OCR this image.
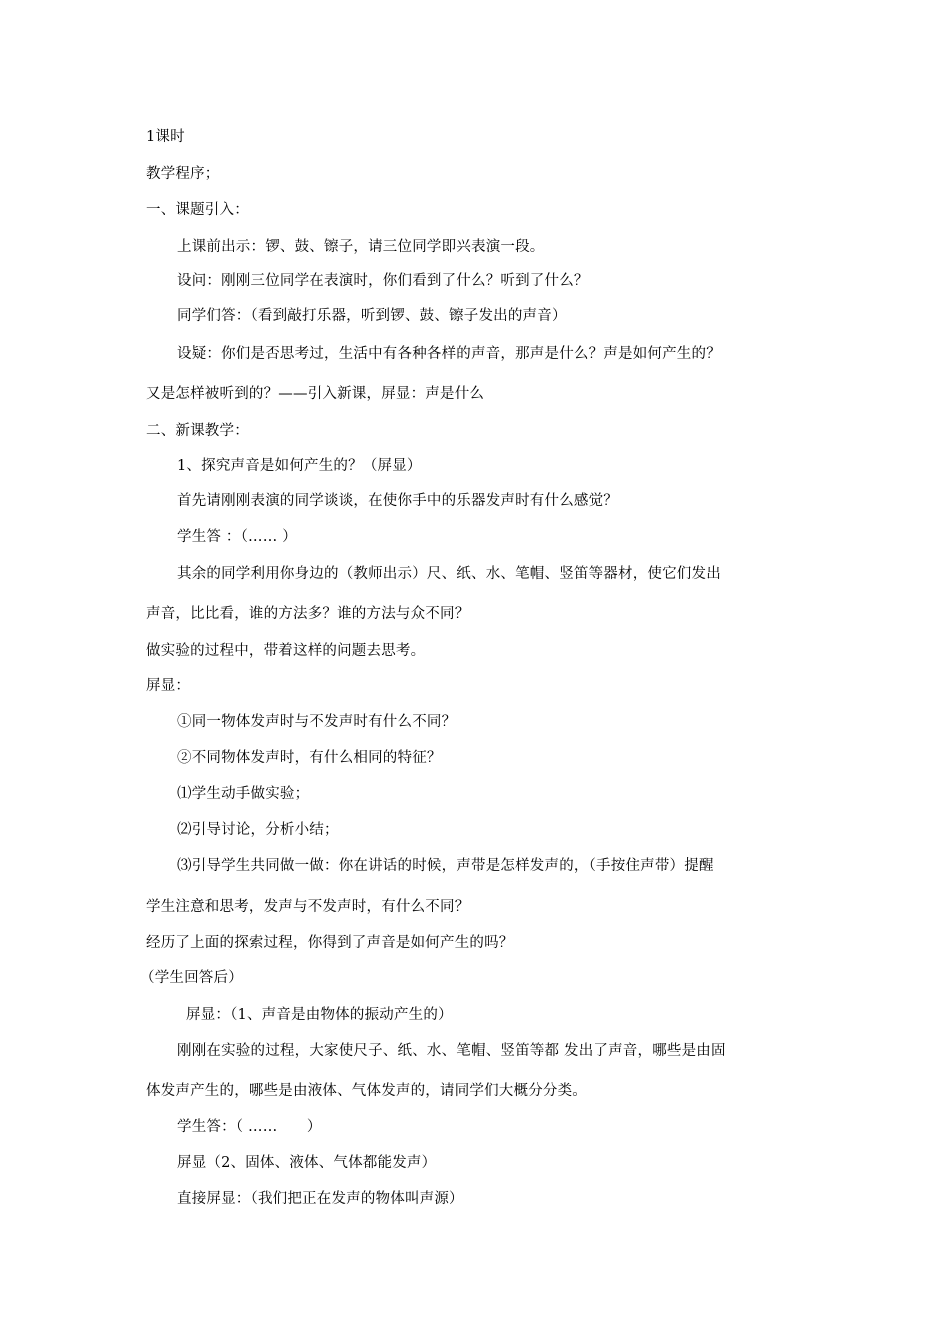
1课时
教学程序；
一、课题引入：
上课前出示：锣、鼓、镲子，请三位同学即兴表演一段。
设问：刚刚三位同学在表演时，你们看到了什么？听到了什么？
同学们答：（看到敲打乐器，听到锣、鼓、镲子发出的声音）
设疑：你们是否思考过，生活中有各种各样的声音，那声是什么？声是如何产生的？
又是怎样被听到的？——引入新课，屏显：声是什么
二、新课教学：
1、探究声音是如何产生的？（屏显）
首先请刚刚表演的同学谈谈，在使你手中的乐器发声时有什么感觉？
学生答 ：（…… ）
其余的同学利用你身边的（教师出示）尺、纸、水、笔帽、竖笛等器材，使它们发出
声音，比比看，谁的方法多？谁的方法与众不同？
做实验的过程中，带着这样的问题去思考。
屏显：
①同一物体发声时与不发声时有什么不同？
②不同物体发声时，有什么相同的特征？
⑴学生动手做实验；
⑵引导讨论，分析小结；
⑶引导学生共同做一做：你在讲话的时候，声带是怎样发声的，（手按住声带）提醒
学生注意和思考，发声与不发声时，有什么不同？
经历了上面的探索过程，你得到了声音是如何产生的吗？
（学生回答后）
屏显：（1、声音是由物体的振动产生的）
刚刚在实验的过程，大家使尺子、纸、水、笔帽、竖笛等都 发出了声音，哪些是由固
体发声产生的，哪些是由液体、气体发声的，请同学们大概分分类。
学生答：（ ……　　）
屏显（2、固体、液体、气体都能发声）
直接屏显：（我们把正在发声的物体叫声源）
